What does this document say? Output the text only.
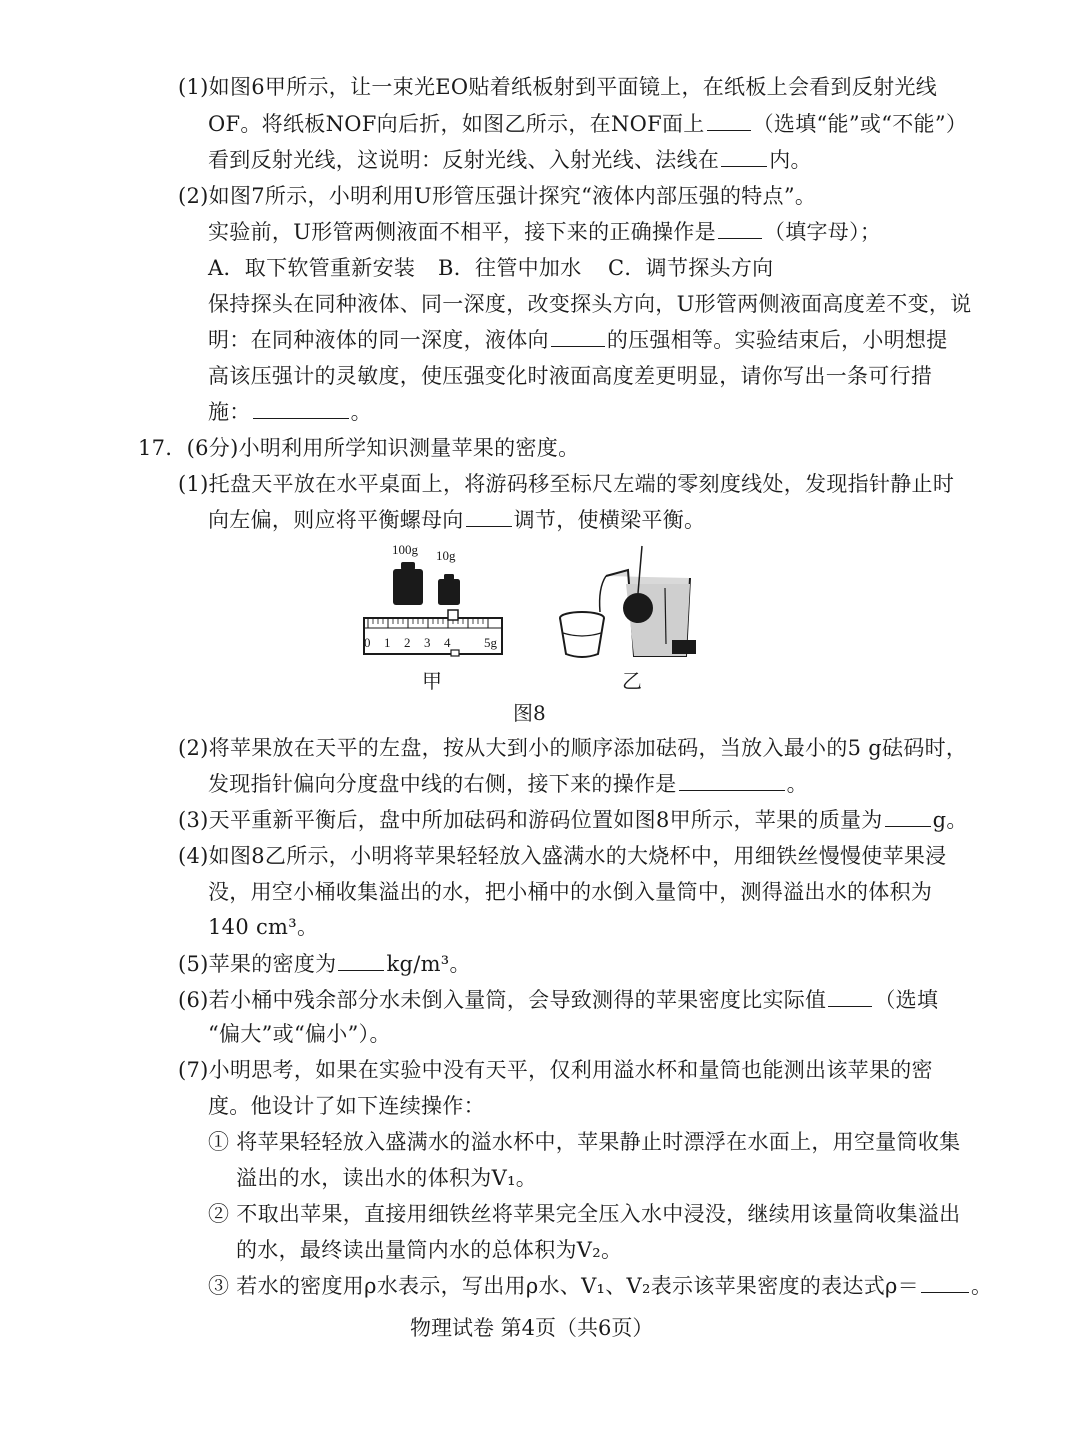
(1)如图6甲所示，让一束光EO贴着纸板射到平面镜上，在纸板上会看到反射光线
OF。将纸板NOF向后折，如图乙所示，在NOF面上 （选填“能”或“不能”）
看到反射光线，这说明：反射光线、入射光线、法线在 内。
(2)如图7所示，小明利用U形管压强计探究“液体内部压强的特点”。
实验前，U形管两侧液面不相平，接下来的正确操作是 （填字母）；
A．取下软管重新安装 B．往管中加水 C．调节探头方向
保持探头在同种液体、同一深度，改变探头方向，U形管两侧液面高度差不变，说
明：在同种液体的同一深度，液体向	的压强相等。实验结束后，小明想提
高该压强计的灵敏度，使压强变化时液面高度差更明显，请你写出一条可行措
施：	。
17．(6分)小明利用所学知识测量苹果的密度。
(1)托盘天平放在水平桌面上，将游码移至标尺左端的零刻度线处，发现指针静止时
向左偏，则应将平衡螺母向 调节，使横梁平衡。
100g 10g
0 1 2 3 4	5g
甲	乙
图8
(2)将苹果放在天平的左盘，按从大到小的顺序添加砝码，当放入最小的5 g砝码时，
发现指针偏向分度盘中线的右侧，接下来的操作是	。
(3)天平重新平衡后，盘中所加砝码和游码位置如图8甲所示，苹果的质量为 g。
(4)如图8乙所示，小明将苹果轻轻放入盛满水的大烧杯中，用细铁丝慢慢使苹果浸
没，用空小桶收集溢出的水，把小桶中的水倒入量筒中，测得溢出水的体积为
140 cm³。
(5)苹果的密度为 kg/m³。
(6)若小桶中残余部分水未倒入量筒，会导致测得的苹果密度比实际值 （选填
“偏大”或“偏小”）。
(7)小明思考，如果在实验中没有天平，仅利用溢水杯和量筒也能测出该苹果的密
度。他设计了如下连续操作：
① 将苹果轻轻放入盛满水的溢水杯中，苹果静止时漂浮在水面上，用空量筒收集
溢出的水，读出水的体积为V₁。
② 不取出苹果，直接用细铁丝将苹果完全压入水中浸没，继续用该量筒收集溢出
的水，最终读出量筒内水的总体积为V₂。
③ 若水的密度用ρ水表示，写出用ρ水、V₁、V₂表示该苹果密度的表达式ρ＝ 。
物理试卷 第4页（共6页）
